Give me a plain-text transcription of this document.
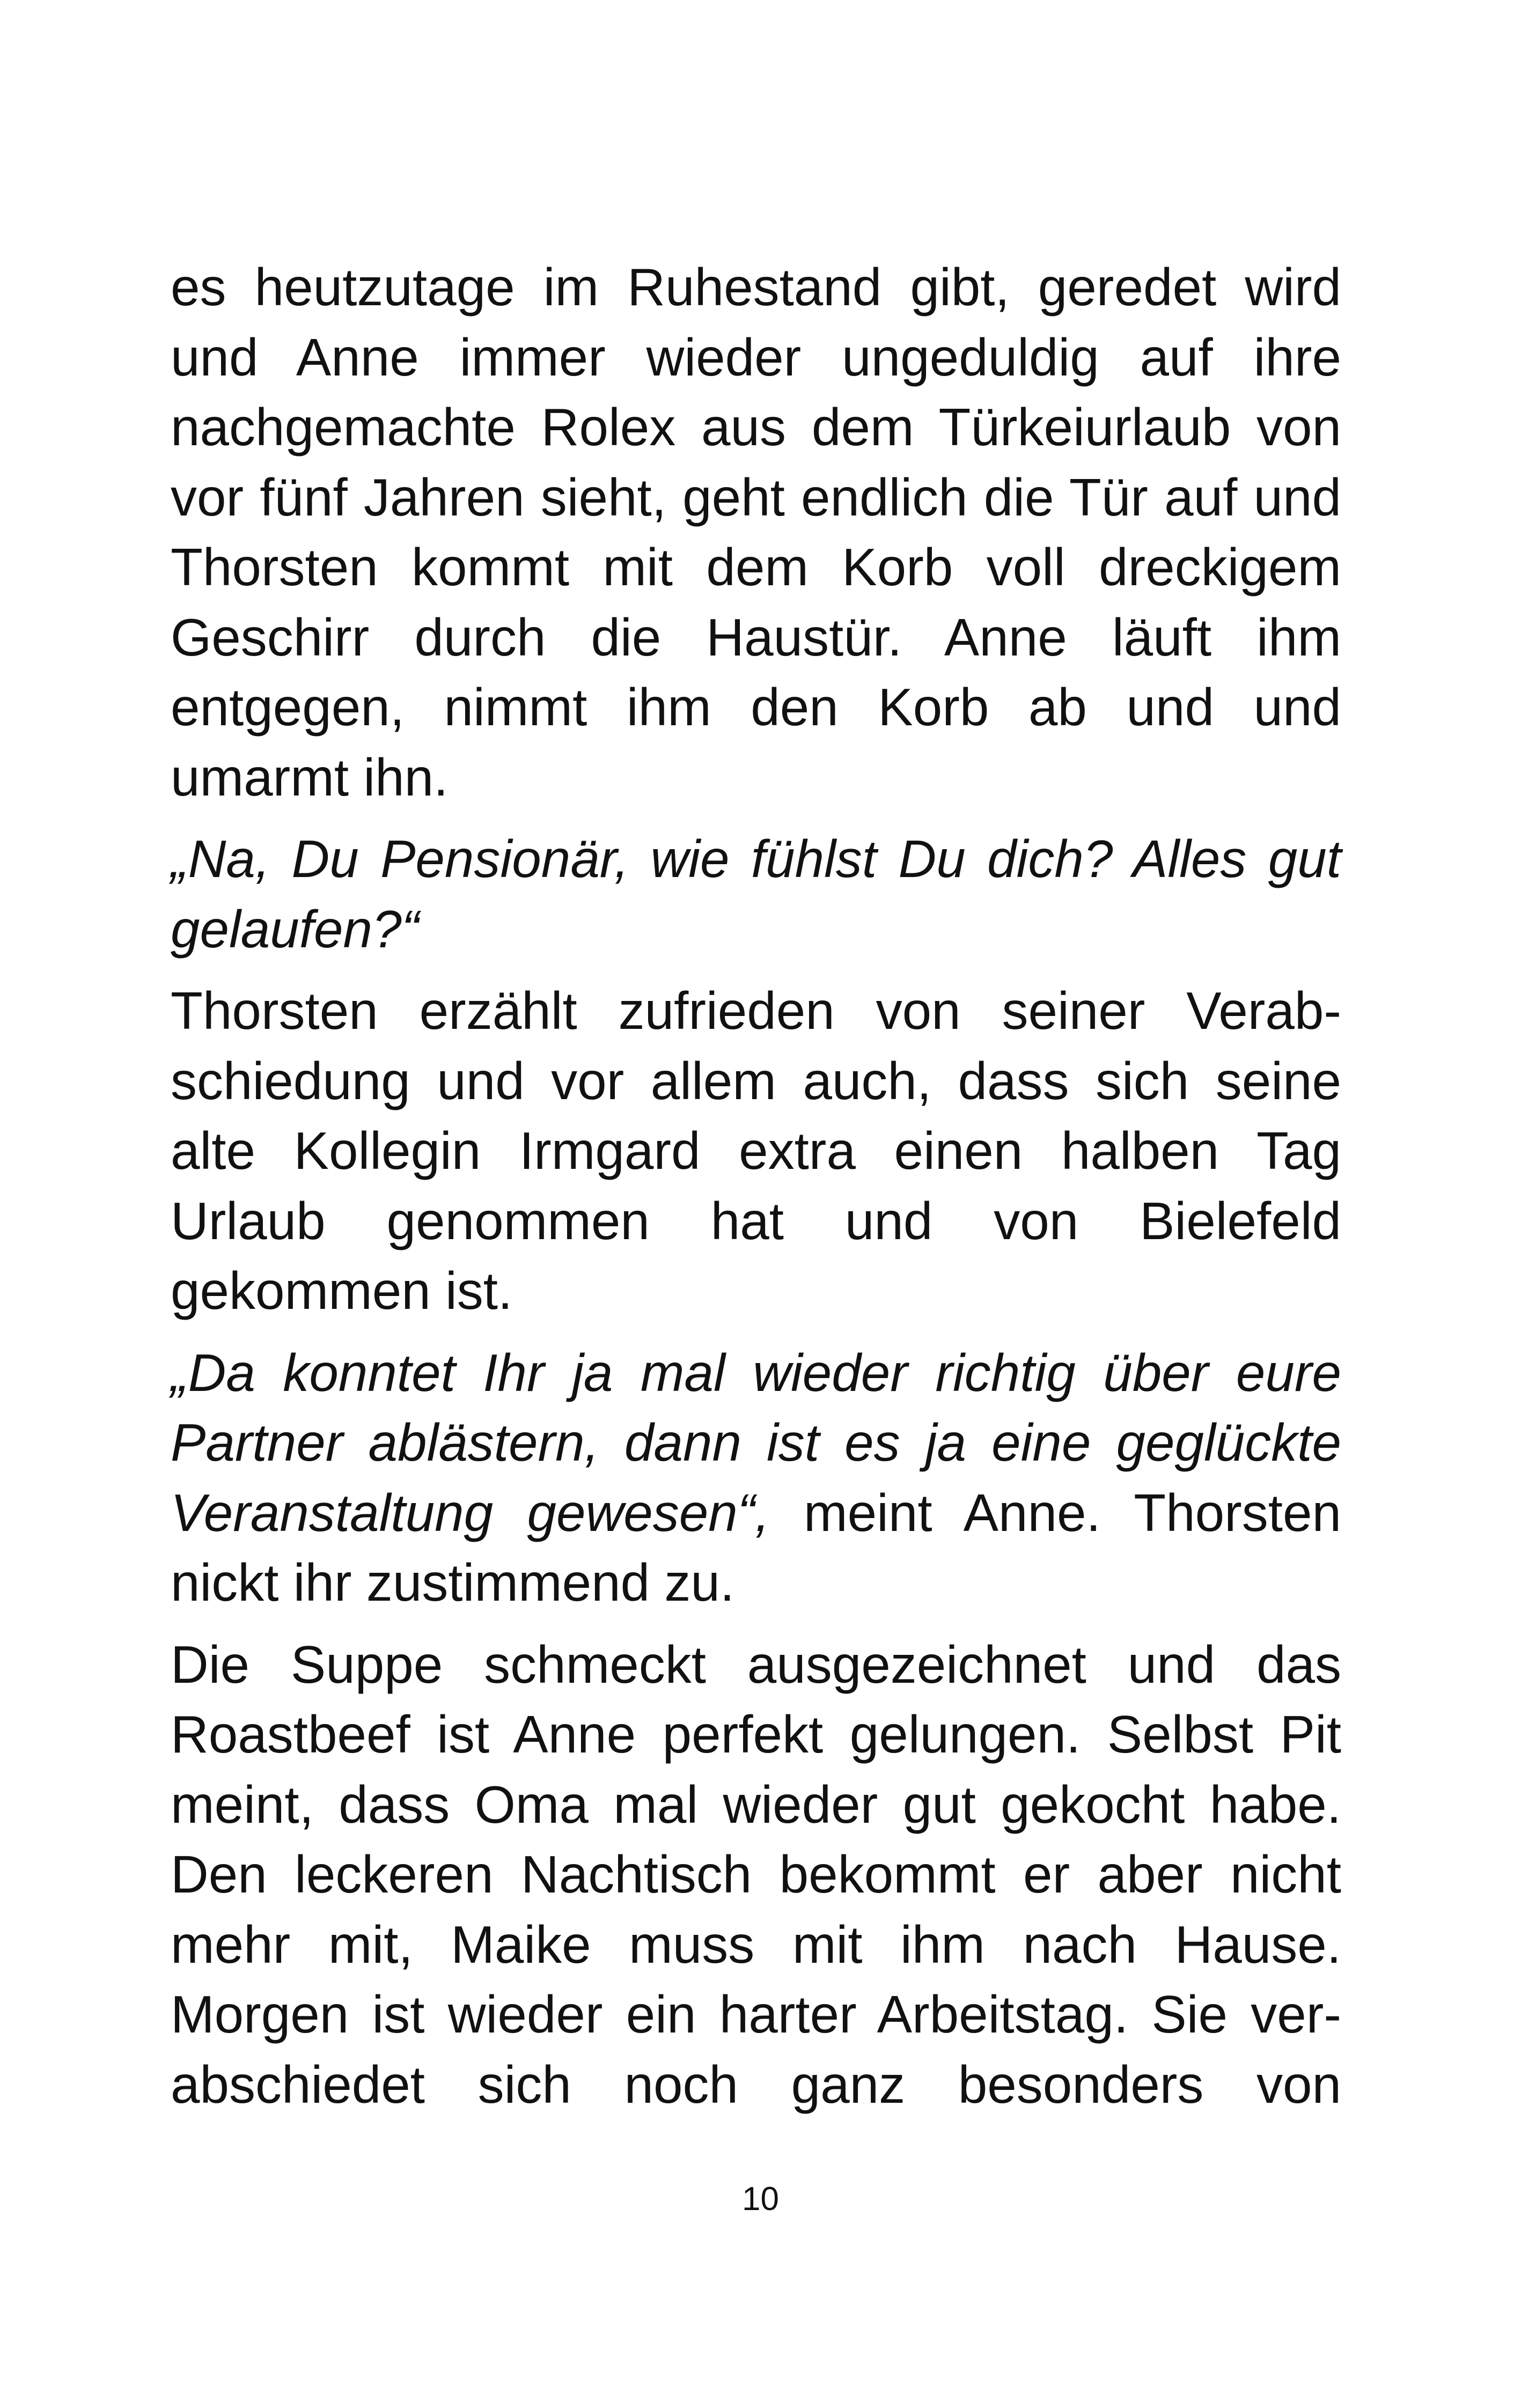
es heutzutage im Ruhestand gibt, geredet wird und Anne immer wieder ungeduldig auf ihre nachgemachte Rolex aus dem Türkeiurlaub von vor fünf Jahren sieht, geht endlich die Tür auf und Thorsten kommt mit dem Korb voll dreckigem Geschirr durch die Haustür. Anne läuft ihm entgegen, nimmt ihm den Korb ab und und umarmt ihn.

„Na, Du Pensionär, wie fühlst Du dich? Alles gut gelaufen?“

Thorsten erzählt zufrieden von seiner Verabschiedung und vor allem auch, dass sich seine alte Kollegin Irmgard extra einen halben Tag Urlaub genommen hat und von Bielefeld gekommen ist.

„Da konntet Ihr ja mal wieder richtig über eure Partner ablästern, dann ist es ja eine geglückte Veranstaltung gewesen“, meint Anne. Thorsten nickt ihr zustimmend zu.

Die Suppe schmeckt ausgezeichnet und das Roastbeef ist Anne perfekt gelungen. Selbst Pit meint, dass Oma mal wieder gut gekocht habe. Den leckeren Nachtisch bekommt er aber nicht mehr mit, Maike muss mit ihm nach Hause. Morgen ist wieder ein harter Arbeitstag. Sie verabschiedet sich noch ganz besonders von

10
